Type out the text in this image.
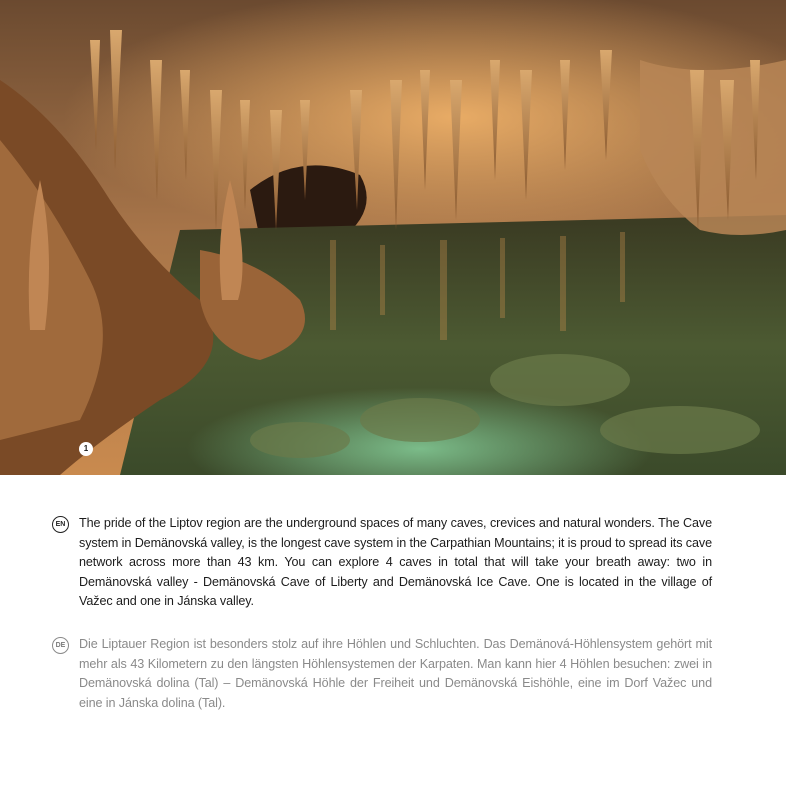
1
EN The pride of the Liptov region are the underground spaces of many caves, crevices and natural wonders. The Cave system in Demänovská valley, is the longest cave system in the Carpathian Mountains; it is proud to spread its cave network across more than 43 km. You can explore 4 caves in total that will take your breath away: two in Demänovská valley - Demänovská Cave of Liberty and Demänovská Ice Cave. One is located in the village of Važec and one in Jánska valley.

DE Die Liptauer Region ist besonders stolz auf ihre Höhlen und Schluchten. Das Demänová-Höhlensystem gehört mit mehr als 43 Kilometern zu den längsten Höhlensystemen der Karpaten. Man kann hier 4 Höhlen besuchen: zwei in Demänovská dolina (Tal) – Demänovská Höhle der Freiheit und Demänovská Eishöhle, eine im Dorf Važec und eine in Jánska dolina (Tal).
